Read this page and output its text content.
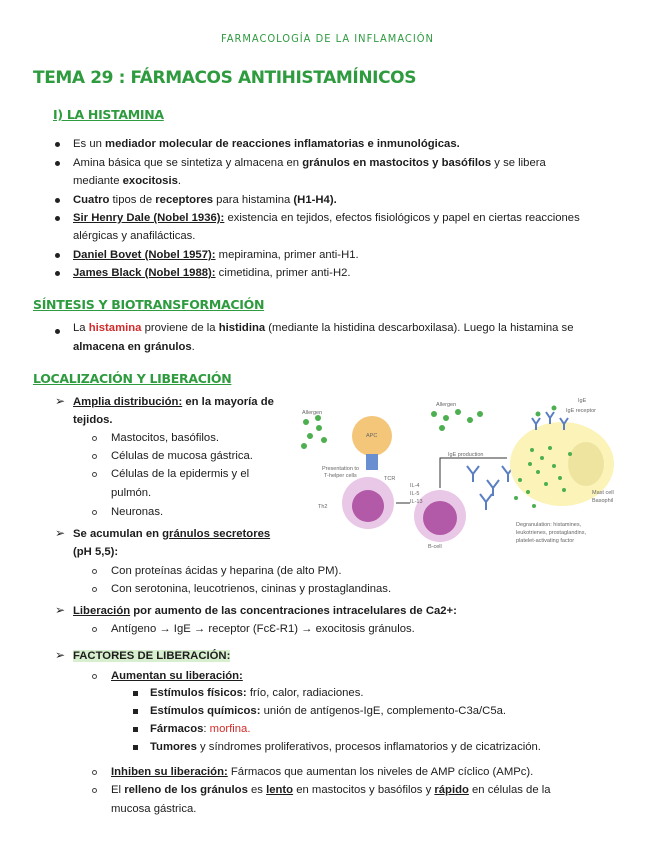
FARMACOLOGÍA DE LA INFLAMACIÓN
TEMA 29 : FÁRMACOS ANTIHISTAMÍNICOS
I) LA HISTAMINA
Es un mediador molecular de reacciones inflamatorias e inmunológicas.
Amina básica que se sintetiza y almacena en gránulos en mastocitos y basófilos y se libera
mediante exocitosis.
Cuatro tipos de receptores para histamina (H1-H4).
Sir Henry Dale (Nobel 1936): existencia en tejidos, efectos fisiológicos y papel en ciertas reacciones
alérgicas y anafilácticas.
Daniel Bovet (Nobel 1957): mepiramina, primer anti-H1.
James Black (Nobel 1988): cimetidina, primer anti-H2.
SÍNTESIS Y BIOTRANSFORMACIÓN
La histamina proviene de la histidina (mediante la histidina descarboxilasa). Luego la histamina se
almacena en gránulos.
LOCALIZACIÓN Y LIBERACIÓN
➢ Amplia distribución: en la mayoría de
tejidos.
Mastocitos, basófilos.
Células de mucosa gástrica.
Células de la epidermis y el
pulmón.
Neuronas.
➢ Se acumulan en gránulos secretores
(pH 5,5):
Con proteínas ácidas y heparina (de alto PM).
Con serotonina, leucotrienos, cininas y prostaglandinas.
➢ Liberación por aumento de las concentraciones intracelulares de Ca2+:
Antígeno → IgE → receptor (FcƐ-R1) → exocitosis gránulos.
➢ FACTORES DE LIBERACIÓN:
Aumentan su liberación:
Estímulos físicos: frío, calor, radiaciones.
Estímulos químicos: unión de antígenos-IgE, complemento-C3a/C5a.
Fármacos: morfina.
Tumores y síndromes proliferativos, procesos inflamatorios y de cicatrización.
Inhiben su liberación: Fármacos que aumentan los niveles de AMP cíclico (AMPc).
El relleno de los gránulos es lento en mastocitos y basófilos y rápido en células de la
mucosa gástrica.
Allergen
APC
Allergen
IgE
IgE receptor
Presentation to
T-helper cells	TCR
Th2
IL-4
IL-5
IL-13
IgE production
B-cell
Mast cell
Basophil
Degranulation: histamines,
leukotrienes, prostaglandins,
platelet-activating factor
